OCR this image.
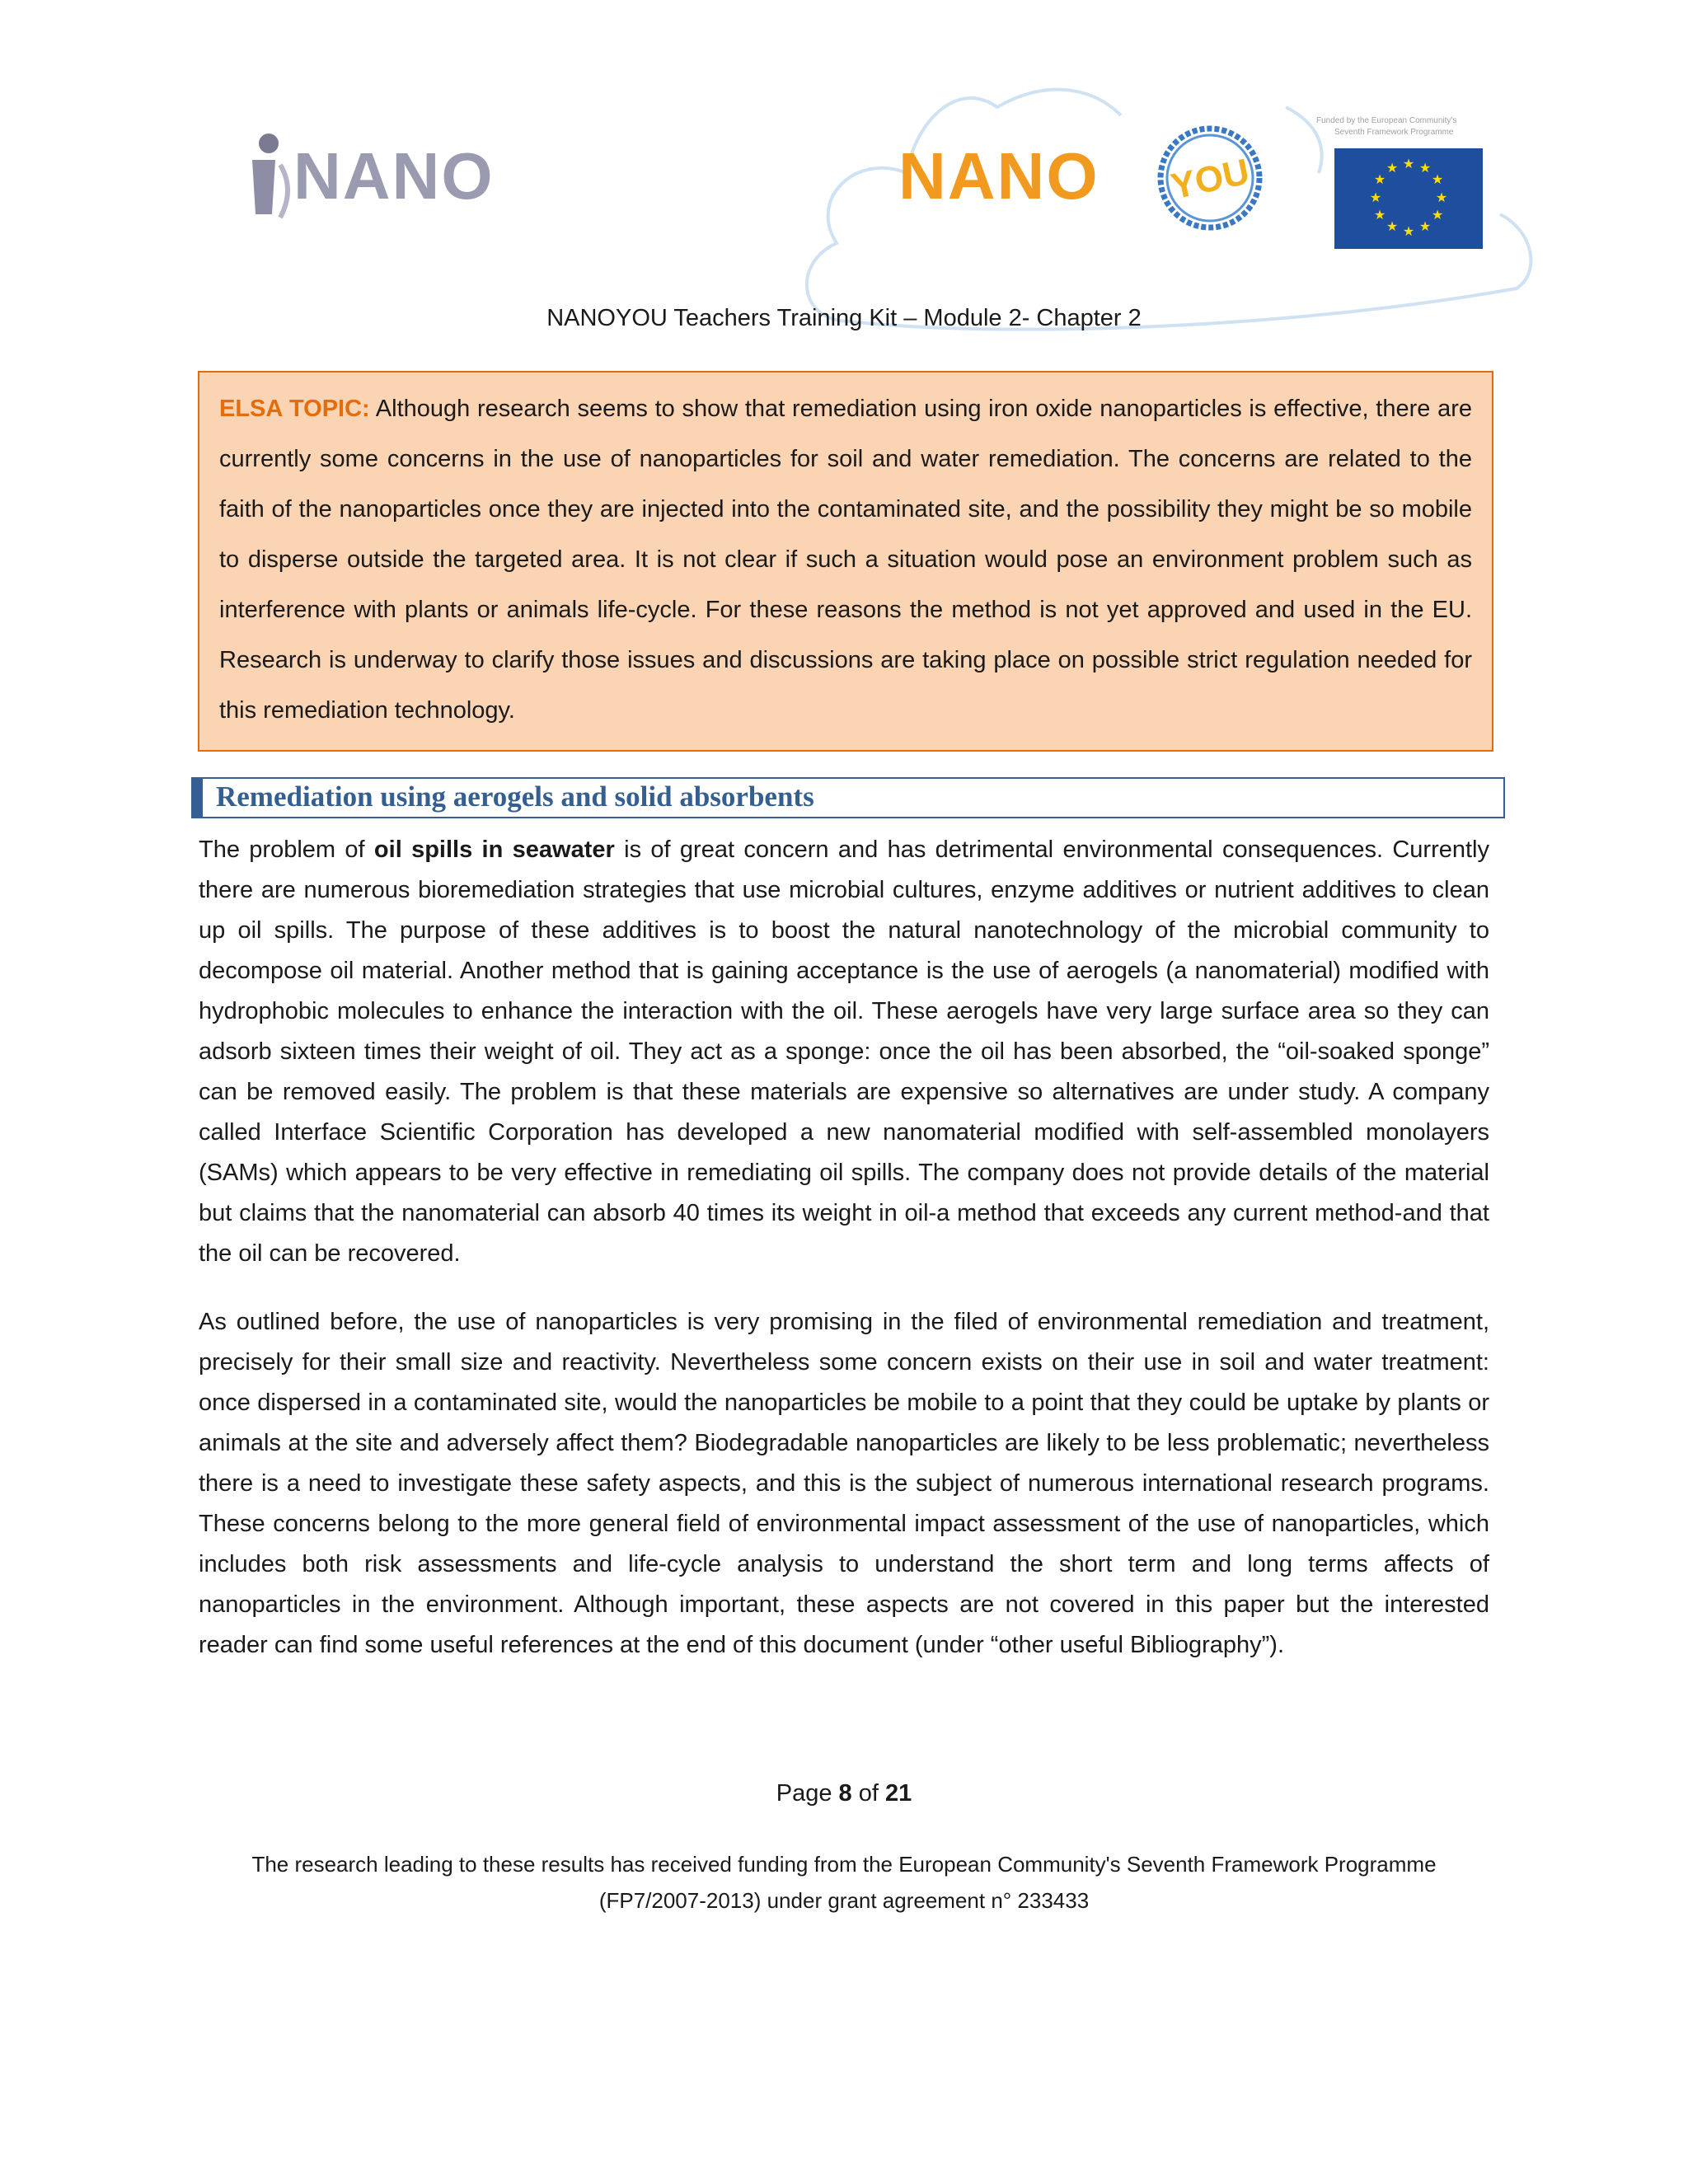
NANO	NANO YOU
Funded by the European Community's
Seventh Framework Programme
★ ★
★
★
★
★
★
★
★
★
★
★
NANOYOU Teachers Training Kit – Module 2- Chapter 2

ELSA TOPIC: Although research seems to show that remediation using iron oxide nanoparticles is effective, there are currently some concerns in the use of nanoparticles for soil and water remediation. The concerns are related to the faith of the nanoparticles once they are injected into the contaminated site, and the possibility they might be so mobile to disperse outside the targeted area. It is not clear if such a situation would pose an environment problem such as interference with plants or animals life-cycle. For these reasons the method is not yet approved and used in the EU. Research is underway to clarify those issues and discussions are taking place on possible strict regulation needed for this remediation technology.

Remediation using aerogels and solid absorbents

The problem of oil spills in seawater is of great concern and has detrimental environmental consequences. Currently there are numerous bioremediation strategies that use microbial cultures, enzyme additives or nutrient additives to clean up oil spills. The purpose of these additives is to boost the natural nanotechnology of the microbial community to decompose oil material. Another method that is gaining acceptance is the use of aerogels (a nanomaterial) modified with hydrophobic molecules to enhance the interaction with the oil. These aerogels have very large surface area so they can adsorb sixteen times their weight of oil. They act as a sponge: once the oil has been absorbed, the “oil-soaked sponge” can be removed easily. The problem is that these materials are expensive so alternatives are under study. A company called Interface Scientific Corporation has developed a new nanomaterial modified with self-assembled monolayers (SAMs) which appears to be very effective in remediating oil spills. The company does not provide details of the material but claims that the nanomaterial can absorb 40 times its weight in oil-a method that exceeds any current method-and that the oil can be recovered.

As outlined before, the use of nanoparticles is very promising in the filed of environmental remediation and treatment, precisely for their small size and reactivity. Nevertheless some concern exists on their use in soil and water treatment: once dispersed in a contaminated site, would the nanoparticles be mobile to a point that they could be uptake by plants or animals at the site and adversely affect them? Biodegradable nanoparticles are likely to be less problematic; nevertheless there is a need to investigate these safety aspects, and this is the subject of numerous international research programs. These concerns belong to the more general field of environmental impact assessment of the use of nanoparticles, which includes both risk assessments and life-cycle analysis to understand the short term and long terms affects of nanoparticles in the environment. Although important, these aspects are not covered in this paper but the interested reader can find some useful references at the end of this document (under “other useful Bibliography”).

Page 8 of 21
The research leading to these results has received funding from the European Community's Seventh Framework Programme
(FP7/2007-2013) under grant agreement n° 233433
